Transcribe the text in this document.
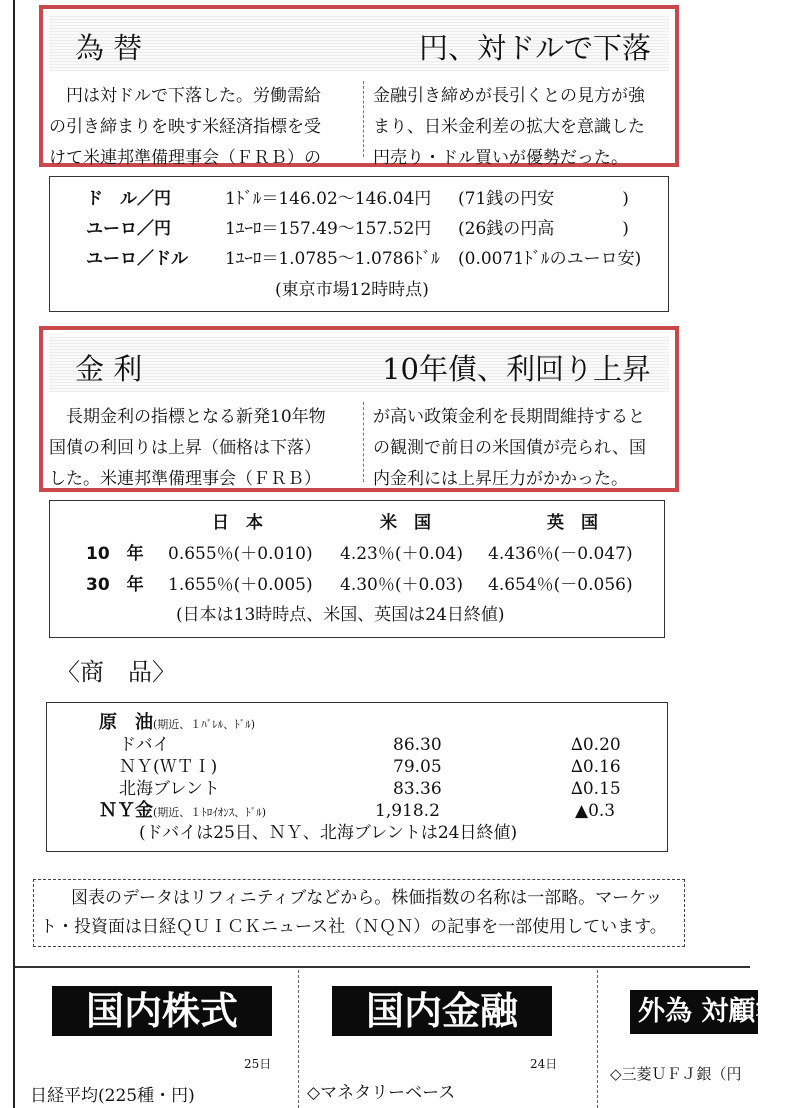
為 替	円、対ドルで下落
　円は対ドルで下落した。労働需給
の引き締まりを映す米経済指標を受
けて米連邦準備理事会（ＦＲＢ）の
金融引き締めが長引くとの見方が強
まり、日米金利差の拡大を意識した
円売り・ドル買いが優勢だった。
ド　ル／円	1ﾄﾞﾙ＝146.02～146.04円 (71銭の円安　　　　)
ユーロ／円	1ﾕｰﾛ＝157.49～157.52円 (26銭の円高　　　　)
ユーロ／ドル 1ﾕｰﾛ＝1.0785～1.0786ﾄﾞﾙ (0.0071ﾄﾞﾙのユーロ安)
(東京市場12時時点)
金 利	10年債、利回り上昇
　長期金利の指標となる新発10年物
国債の利回りは上昇（価格は下落）
した。米連邦準備理事会（ＦＲＢ）
が高い政策金利を長期間維持すると
の観測で前日の米国債が売られ、国
内金利には上昇圧力がかかった。
日　本	米　国	英　国
10　年 0.655％(＋0.010) 4.23％(＋0.04) 4.436％(－0.047)
30　年 1.655％(＋0.005) 4.30％(＋0.03) 4.654％(－0.056)
(日本は13時時点、米国、英国は24日終値)
〈商　品〉
原　油(期近、１ﾊﾞﾚﾙ、ﾄﾞﾙ)
ドバイ	86.30	∆0.20
ＮＹ(ＷＴＩ)	79.05	∆0.16
北海ブレント	83.36	∆0.15
ＮＹ金(期近、１ﾄﾛｲｵﾝｽ、ﾄﾞﾙ)	1,918.2	▲0.3
(ドバイは25日、ＮＹ、北海ブレントは24日終値)
　図表のデータはリフィニティブなどから。株価指数の名称は一部略。マーケッ
ト・投資面は日経ＱＵＩＣＫニュース社（ＮＱＮ）の記事を一部使用しています。
国内株式
25日
日経平均(225種・円)
国内金融
24日
◇マネタリーベース
外為 対顧客電
◇三菱ＵＦＪ銀（円
